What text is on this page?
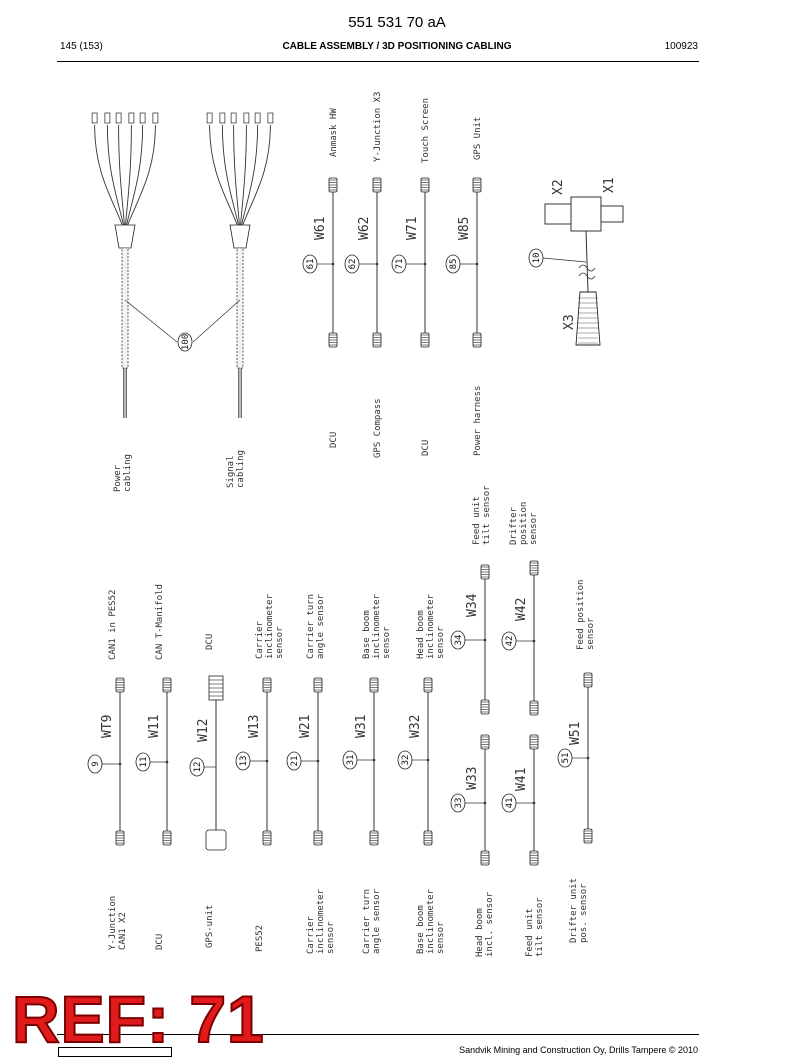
551 531 70 aA
145 (153)	CABLE ASSEMBLY / 3D POSITIONING CABLING	100923
100
Power cabling	Signal cabling
61
W61
Anmask HW
DCU
62
W62
Y-Junction X3
GPS Compass
71
W71
Touch Screen
DCU
85
W85
GPS Unit
Power harness
10
X2	X1
X3
9
WT9
CAN1 in PES52
Y-Junction CAN1 X2
11
W11
CAN T-Manifold
DCU
12
W12
DCU
GPS-unit
13
W13
Carrier inclinometer sensor
PES52
21
W21
Carrier turn angle sensor
Carrier inclinometer sensor
31
W31
Base boom inclinometer sensor
Carrier turn angle sensor
32
W32
Head boom inclinometer sensor
Base boom inclinometer sensor
34
W34
Feed unit tilt sensor
33
W33
Head boom incl. sensor
42
W42
Drifter position sensor
41
W41
Feed unit tilt sensor
51
W51
Feed position sensor
Drifter unit pos. sensor
Sandvik Mining and Construction Oy, Drills Tampere © 2010
REF: 71
